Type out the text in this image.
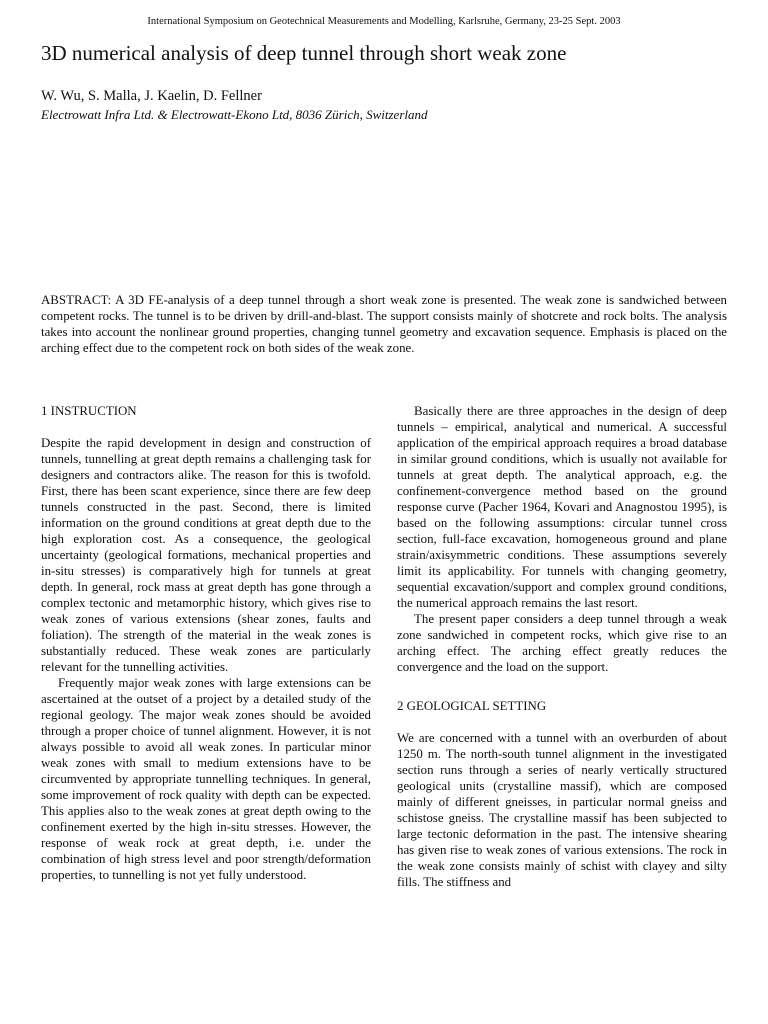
International Symposium on Geotechnical Measurements and Modelling, Karlsruhe, Germany, 23-25 Sept. 2003
3D numerical analysis of deep tunnel through short weak zone
W. Wu, S. Malla, J. Kaelin, D. Fellner
Electrowatt Infra Ltd. & Electrowatt-Ekono Ltd, 8036 Zürich, Switzerland
ABSTRACT: A 3D FE-analysis of a deep tunnel through a short weak zone is presented. The weak zone is sandwiched between competent rocks. The tunnel is to be driven by drill-and-blast. The support consists mainly of shotcrete and rock bolts. The analysis takes into account the nonlinear ground properties, changing tunnel geometry and excavation sequence. Emphasis is placed on the arching effect due to the competent rock on both sides of the weak zone.

1 INSTRUCTION

Despite the rapid development in design and construction of tunnels, tunnelling at great depth remains a challenging task for designers and contractors alike. The reason for this is twofold. First, there has been scant experience, since there are few deep tunnels constructed in the past. Second, there is limited information on the ground conditions at great depth due to the high exploration cost. As a consequence, the geological uncertainty (geological formations, mechanical properties and in-situ stresses) is comparatively high for tunnels at great depth. In general, rock mass at great depth has gone through a complex tectonic and metamorphic history, which gives rise to weak zones of various extensions (shear zones, faults and foliation). The strength of the material in the weak zones is substantially reduced. These weak zones are particularly relevant for the tunnelling activities.

Frequently major weak zones with large extensions can be ascertained at the outset of a project by a detailed study of the regional geology. The major weak zones should be avoided through a proper choice of tunnel alignment. However, it is not always possible to avoid all weak zones. In particular minor weak zones with small to medium extensions have to be circumvented by appropriate tunnelling techniques. In general, some improvement of rock quality with depth can be expected. This applies also to the weak zones at great depth owing to the confinement exerted by the high in-situ stresses. However, the response of weak rock at great depth, i.e. under the combination of high stress level and poor strength/deformation properties, to tunnelling is not yet fully understood.

Basically there are three approaches in the design of deep tunnels – empirical, analytical and numerical. A successful application of the empirical approach requires a broad database in similar ground conditions, which is usually not available for tunnels at great depth. The analytical approach, e.g. the confinement-convergence method based on the ground response curve (Pacher 1964, Kovari and Anagnostou 1995), is based on the following assumptions: circular tunnel cross section, full-face excavation, homogeneous ground and plane strain/axisymmetric conditions. These assumptions severely limit its applicability. For tunnels with changing geometry, sequential excavation/support and complex ground conditions, the numerical approach remains the last resort.

The present paper considers a deep tunnel through a weak zone sandwiched in competent rocks, which give rise to an arching effect. The arching effect greatly reduces the convergence and the load on the support.

2 GEOLOGICAL SETTING

We are concerned with a tunnel with an overburden of about 1250 m. The north-south tunnel alignment in the investigated section runs through a series of nearly vertically structured geological units (crystalline massif), which are composed mainly of different gneisses, in particular normal gneiss and schistose gneiss. The crystalline massif has been subjected to large tectonic deformation in the past. The intensive shearing has given rise to weak zones of various extensions. The rock in the weak zone consists mainly of schist with clayey and silty fills. The stiffness and
